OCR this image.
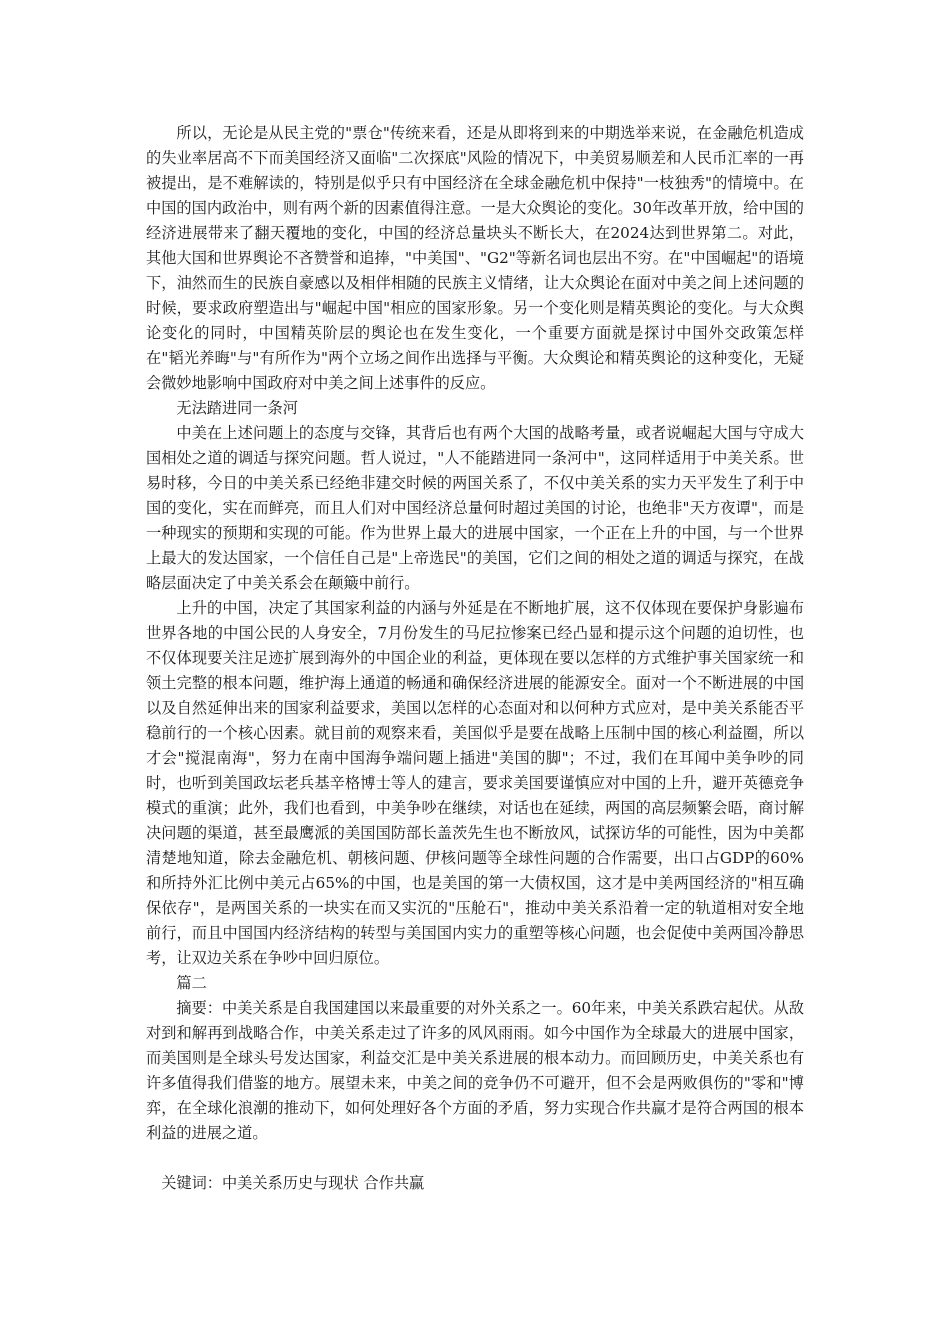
所以，无论是从民主党的"票仓"传统来看，还是从即将到来的中期选举来说，在金融危机造成的失业率居高不下而美国经济又面临"二次探底"风险的情况下，中美贸易顺差和人民币汇率的一再被提出，是不难解读的，特别是似乎只有中国经济在全球金融危机中保持"一枝独秀"的情境中。在中国的国内政治中，则有两个新的因素值得注意。一是大众舆论的变化。30年改革开放，给中国的经济进展带来了翻天覆地的变化，中国的经济总量块头不断长大，在2024达到世界第二。对此，其他大国和世界舆论不吝赞誉和追捧，"中美国"、"G2"等新名词也层出不穷。在"中国崛起"的语境下，油然而生的民族自豪感以及相伴相随的民族主义情绪，让大众舆论在面对中美之间上述问题的时候，要求政府塑造出与"崛起中国"相应的国家形象。另一个变化则是精英舆论的变化。与大众舆论变化的同时，中国精英阶层的舆论也在发生变化，一个重要方面就是探讨中国外交政策怎样在"韬光养晦"与"有所作为"两个立场之间作出选择与平衡。大众舆论和精英舆论的这种变化，无疑会微妙地影响中国政府对中美之间上述事件的反应。

无法踏进同一条河

中美在上述问题上的态度与交锋，其背后也有两个大国的战略考量，或者说崛起大国与守成大国相处之道的调适与探究问题。哲人说过，"人不能踏进同一条河中"，这同样适用于中美关系。世易时移，今日的中美关系已经绝非建交时候的两国关系了，不仅中美关系的实力天平发生了利于中国的变化，实在而鲜亮，而且人们对中国经济总量何时超过美国的讨论，也绝非"天方夜谭"，而是一种现实的预期和实现的可能。作为世界上最大的进展中国家，一个正在上升的中国，与一个世界上最大的发达国家，一个信任自己是"上帝选民"的美国，它们之间的相处之道的调适与探究，在战略层面决定了中美关系会在颠簸中前行。

上升的中国，决定了其国家利益的内涵与外延是在不断地扩展，这不仅体现在要保护身影遍布世界各地的中国公民的人身安全，7月份发生的马尼拉惨案已经凸显和提示这个问题的迫切性，也不仅体现要关注足迹扩展到海外的中国企业的利益，更体现在要以怎样的方式维护事关国家统一和领土完整的根本问题，维护海上通道的畅通和确保经济进展的能源安全。面对一个不断进展的中国以及自然延伸出来的国家利益要求，美国以怎样的心态面对和以何种方式应对，是中美关系能否平稳前行的一个核心因素。就目前的观察来看，美国似乎是要在战略上压制中国的核心利益圈，所以才会"搅混南海"，努力在南中国海争端问题上插进"美国的脚"；不过，我们在耳闻中美争吵的同时，也听到美国政坛老兵基辛格博士等人的建言，要求美国要谨慎应对中国的上升，避开英德竞争模式的重演；此外，我们也看到，中美争吵在继续，对话也在延续，两国的高层频繁会晤，商讨解决问题的渠道，甚至最鹰派的美国国防部长盖茨先生也不断放风，试探访华的可能性，因为中美都清楚地知道，除去金融危机、朝核问题、伊核问题等全球性问题的合作需要，出口占GDP的60%和所持外汇比例中美元占65%的中国，也是美国的第一大债权国，这才是中美两国经济的"相互确保依存"，是两国关系的一块实在而又实沉的"压舱石"，推动中美关系沿着一定的轨道相对安全地前行，而且中国国内经济结构的转型与美国国内实力的重塑等核心问题，也会促使中美两国冷静思考，让双边关系在争吵中回归原位。

篇二

摘要：中美关系是自我国建国以来最重要的对外关系之一。60年来，中美关系跌宕起伏。从敌对到和解再到战略合作，中美关系走过了许多的风风雨雨。如今中国作为全球最大的进展中国家，而美国则是全球头号发达国家，利益交汇是中美关系进展的根本动力。而回顾历史，中美关系也有许多值得我们借鉴的地方。展望未来，中美之间的竞争仍不可避开，但不会是两败俱伤的"零和"博弈，在全球化浪潮的推动下，如何处理好各个方面的矛盾，努力实现合作共赢才是符合两国的根本利益的进展之道。

关键词：中美关系历史与现状 合作共赢
